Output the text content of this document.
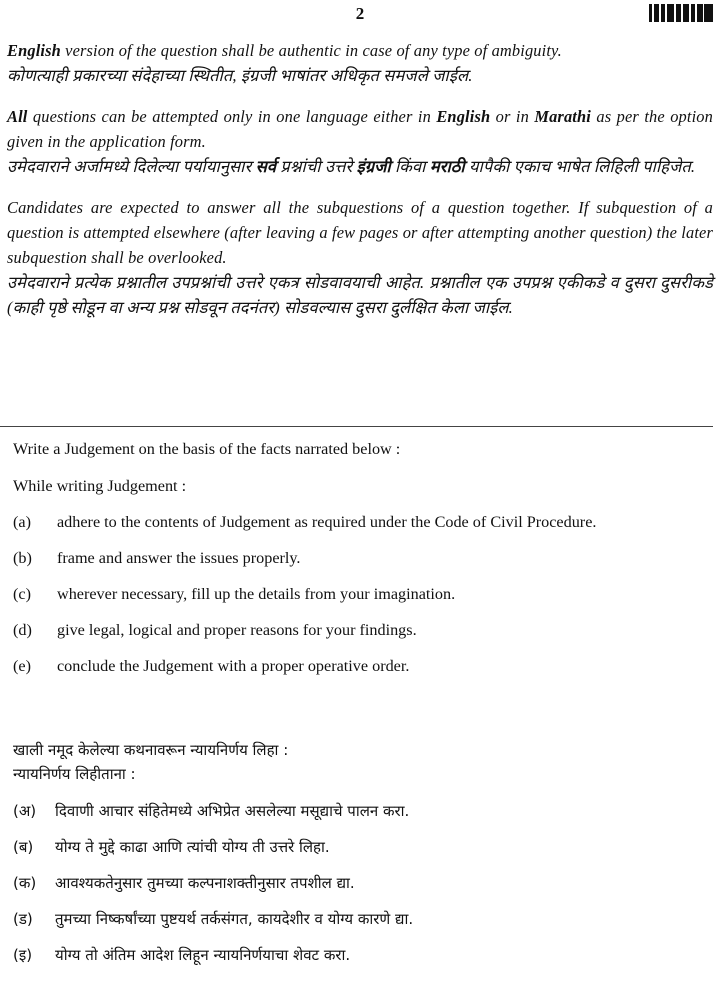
2

English version of the question shall be authentic in case of any type of ambiguity.

कोणत्याही प्रकारच्या संदेहाच्या स्थितीत, इंग्रजी भाषांतर अधिकृत समजले जाईल.

All questions can be attempted only in one language either in English or in Marathi as per the option given in the application form.

उमेदवाराने अर्जामध्ये दिलेल्या पर्यायानुसार सर्व प्रश्नांची उत्तरे इंग्रजी किंवा मराठी यापैकी एकाच भाषेत लिहिली पाहिजेत.

Candidates are expected to answer all the subquestions of a question together. If subquestion of a question is attempted elsewhere (after leaving a few pages or after attempting another question) the later subquestion shall be overlooked.

उमेदवाराने प्रत्येक प्रश्नातील उपप्रश्नांची उत्तरे एकत्र सोडवावयाची आहेत. प्रश्नातील एक उपप्रश्न एकीकडे व दुसरा दुसरीकडे (काही पृष्ठे सोडून वा अन्य प्रश्न सोडवून तदनंतर) सोडवल्यास दुसरा दुर्लक्षित केला जाईल.

Write a Judgement on the basis of the facts narrated below :

While writing Judgement :

(a)	adhere to the contents of Judgement as required under the Code of Civil Procedure.
(b)	frame and answer the issues properly.
(c)	wherever necessary, fill up the details from your imagination.
(d)	give legal, logical and proper reasons for your findings.
(e)	conclude the Judgement with a proper operative order.

खाली नमूद केलेल्या कथनावरून न्यायनिर्णय लिहा :

न्यायनिर्णय लिहीताना :

(अ)	दिवाणी आचार संहितेमध्ये अभिप्रेत असलेल्या मसूद्याचे पालन करा.
(ब)	योग्य ते मुद्दे काढा आणि त्यांची योग्य ती उत्तरे लिहा.
(क)	आवश्यकतेनुसार तुमच्या कल्पनाशक्तीनुसार तपशील द्या.
(ड)	तुमच्या निष्कर्षांच्या पुष्टयर्थ तर्कसंगत, कायदेशीर व योग्य कारणे द्या.
(इ)	योग्य तो अंतिम आदेश लिहून न्यायनिर्णयाचा शेवट करा.
